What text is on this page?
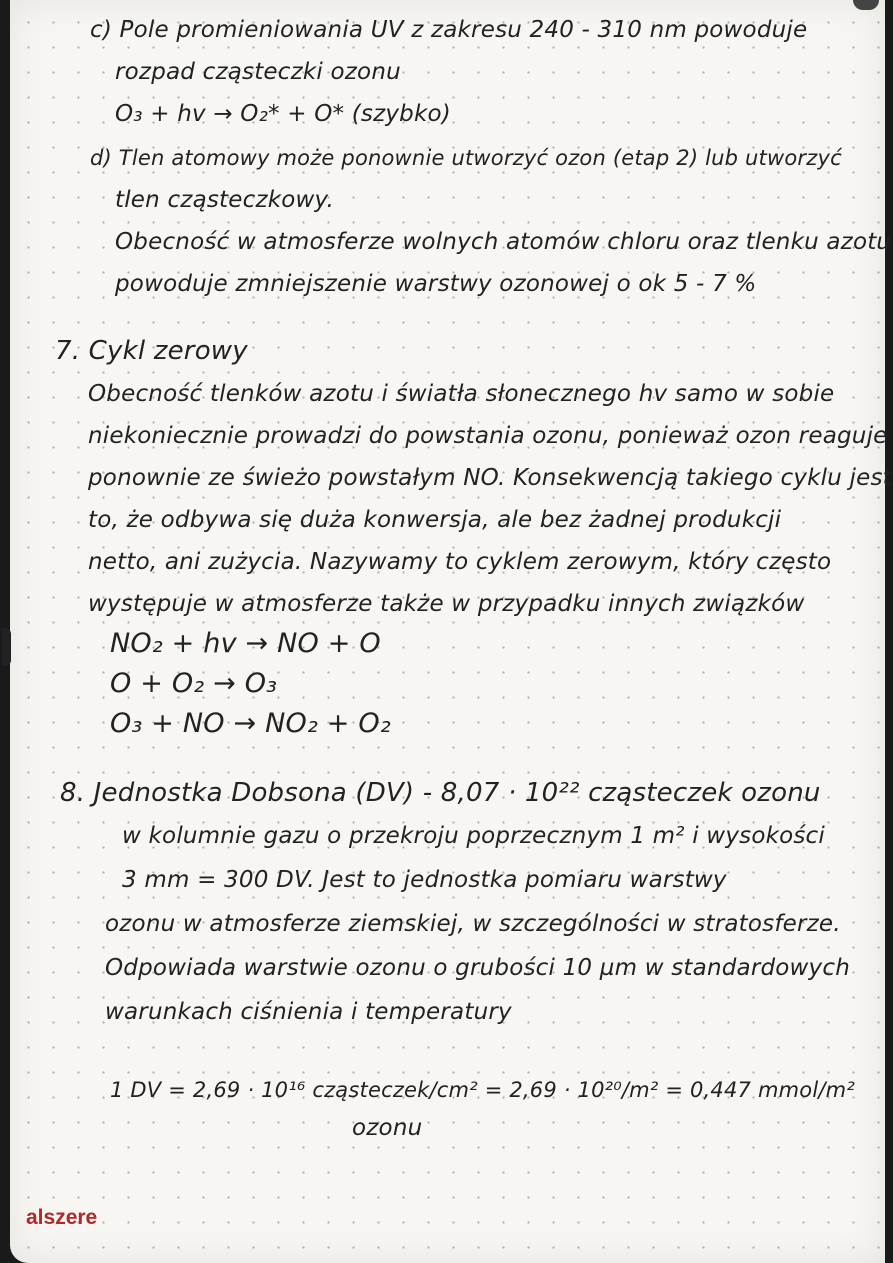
c) Pole promieniowania UV z zakresu 240 - 310 nm powoduje
rozpad cząsteczki ozonu
O₃ + hv → O₂* + O* (szybko)
d) Tlen atomowy może ponownie utworzyć ozon (etap 2) lub utworzyć
tlen cząsteczkowy.
Obecność w atmosferze wolnych atomów chloru oraz tlenku azotu
powoduje zmniejszenie warstwy ozonowej o ok 5 - 7 %
7. Cykl zerowy
Obecność tlenków azotu i światła słonecznego hv samo w sobie
niekoniecznie prowadzi do powstania ozonu, ponieważ ozon reaguje
ponownie ze świeżo powstałym NO. Konsekwencją takiego cyklu jest
to, że odbywa się duża konwersja, ale bez żadnej produkcji
netto, ani zużycia. Nazywamy to cyklem zerowym, który często
występuje w atmosferze także w przypadku innych związków
NO₂ + hv → NO + O
O + O₂ → O₃
O₃ + NO → NO₂ + O₂
8. Jednostka Dobsona (DV) - 8,07 · 10²² cząsteczek ozonu
w kolumnie gazu o przekroju poprzecznym 1 m² i wysokości
3 mm = 300 DV. Jest to jednostka pomiaru warstwy
ozonu w atmosferze ziemskiej, w szczególności w stratosferze.
Odpowiada warstwie ozonu o grubości 10 µm w standardowych
warunkach ciśnienia i temperatury
1 DV = 2,69 · 10¹⁶ cząsteczek/cm² = 2,69 · 10²⁰/m² = 0,447 mmol/m²
ozonu
alszere
